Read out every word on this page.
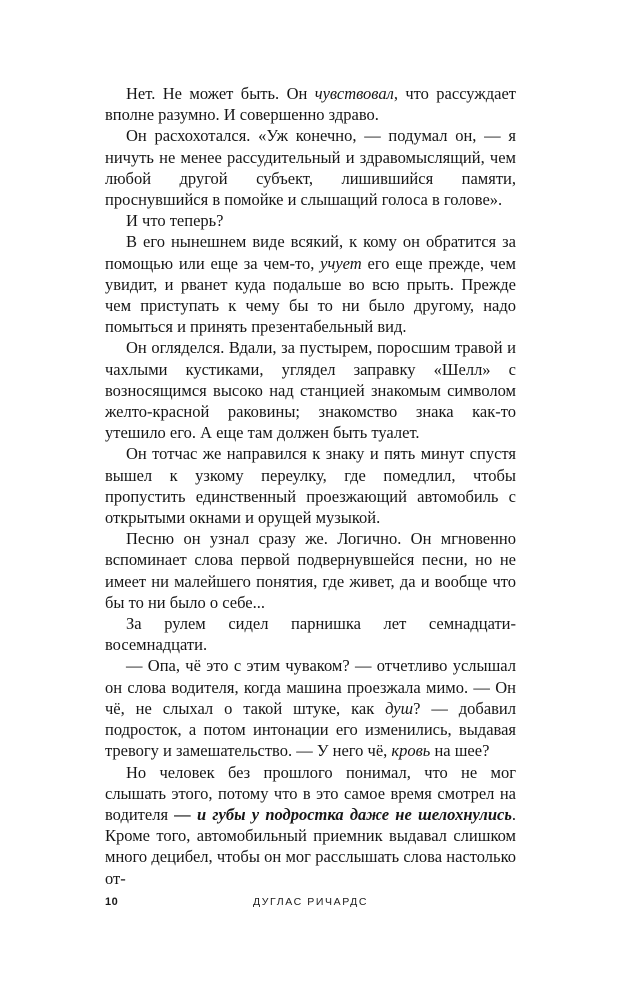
Нет. Не может быть. Он чувствовал, что рассуждает вполне разумно. И совершенно здраво.

Он расхохотался. «Уж конечно, — подумал он, — я ничуть не менее рассудительный и здравомыслящий, чем любой другой субъект, лишившийся памяти, проснувшийся в помойке и слышащий голоса в голове».

И что теперь?

В его нынешнем виде всякий, к кому он обратится за помощью или еще за чем-то, учует его еще прежде, чем увидит, и рванет куда подальше во всю прыть. Прежде чем приступать к чему бы то ни было другому, надо помыться и принять презентабельный вид.

Он огляделся. Вдали, за пустырем, поросшим травой и чахлыми кустиками, углядел заправку «Шелл» с возносящимся высоко над станцией знакомым символом желто-красной раковины; знакомство знака как-то утешило его. А еще там должен быть туалет.

Он тотчас же направился к знаку и пять минут спустя вышел к узкому переулку, где помедлил, чтобы пропустить единственный проезжающий автомобиль с открытыми окнами и орущей музыкой.

Песню он узнал сразу же. Логично. Он мгновенно вспоминает слова первой подвернувшейся песни, но не имеет ни малейшего понятия, где живет, да и вообще что бы то ни было о себе...

За рулем сидел парнишка лет семнадцати-восемнадцати.

— Опа, чё это с этим чуваком? — отчетливо услышал он слова водителя, когда машина проезжала мимо. — Он чё, не слыхал о такой штуке, как душ? — добавил подросток, а потом интонации его изменились, выдавая тревогу и замешательство. — У него чё, кровь на шее?

Но человек без прошлого понимал, что не мог слышать этого, потому что в это самое время смотрел на водителя — и губы у подростка даже не шелохнулись. Кроме того, автомобильный приемник выдавал слишком много децибел, чтобы он мог расслышать слова настолько от-

10	ДУГЛАС РИЧАРДС
